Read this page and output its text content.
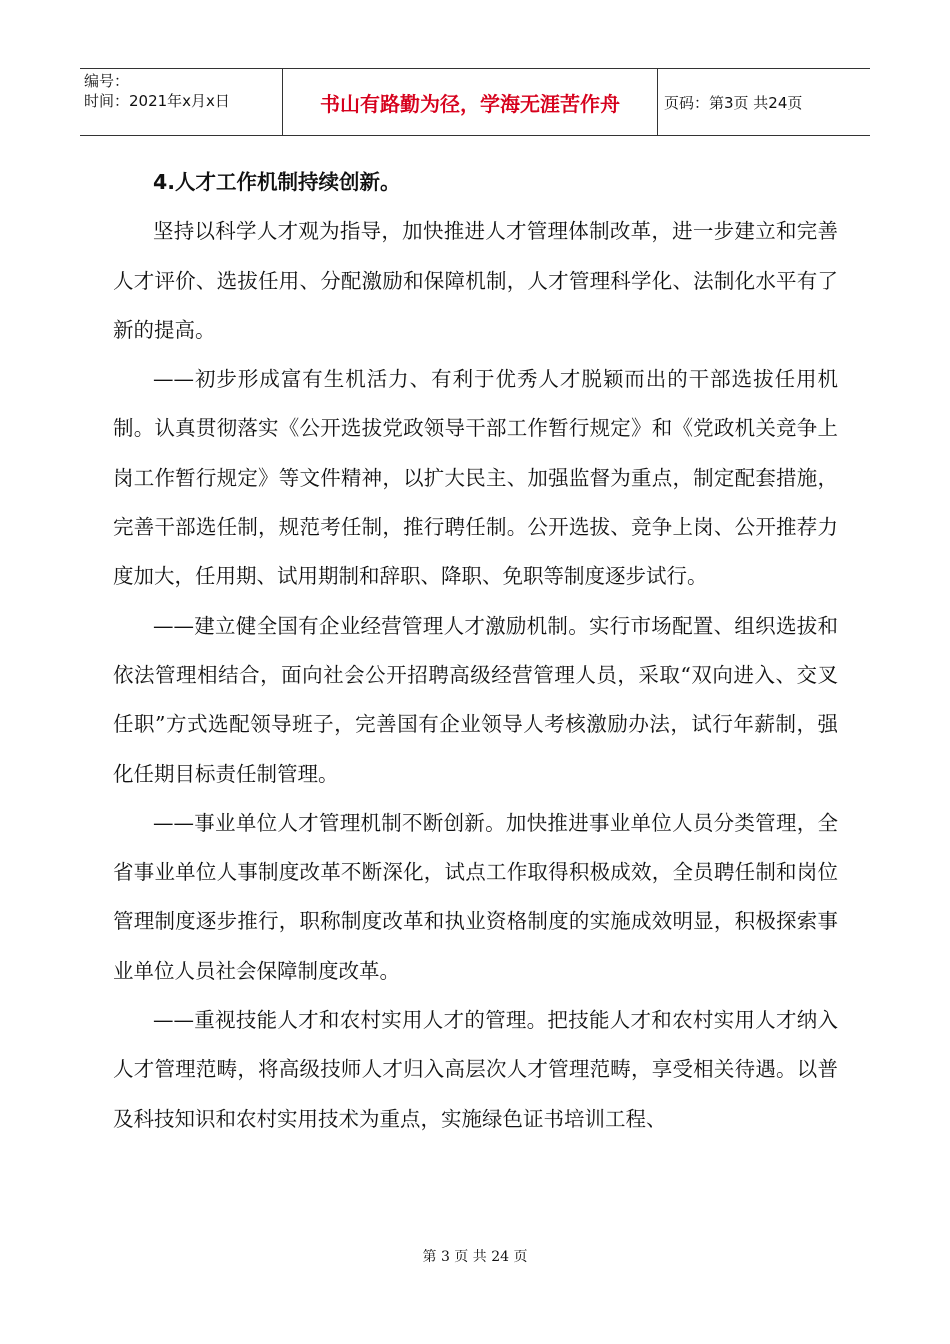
编号：
时间：2021年x月x日	书山有路勤为径，学海无涯苦作舟	页码：第3页 共24页

4.人才工作机制持续创新。

坚持以科学人才观为指导，加快推进人才管理体制改革，进一步建立和完善人才评价、选拔任用、分配激励和保障机制，人才管理科学化、法制化水平有了新的提高。

——初步形成富有生机活力、有利于优秀人才脱颖而出的干部选拔任用机制。认真贯彻落实《公开选拔党政领导干部工作暂行规定》和《党政机关竞争上岗工作暂行规定》等文件精神，以扩大民主、加强监督为重点，制定配套措施，完善干部选任制，规范考任制，推行聘任制。公开选拔、竞争上岗、公开推荐力度加大，任用期、试用期制和辞职、降职、免职等制度逐步试行。

——建立健全国有企业经营管理人才激励机制。实行市场配置、组织选拔和依法管理相结合，面向社会公开招聘高级经营管理人员，采取“双向进入、交叉任职”方式选配领导班子，完善国有企业领导人考核激励办法，试行年薪制，强化任期目标责任制管理。

——事业单位人才管理机制不断创新。加快推进事业单位人员分类管理，全省事业单位人事制度改革不断深化，试点工作取得积极成效，全员聘任制和岗位管理制度逐步推行，职称制度改革和执业资格制度的实施成效明显，积极探索事业单位人员社会保障制度改革。

——重视技能人才和农村实用人才的管理。把技能人才和农村实用人才纳入人才管理范畴，将高级技师人才归入高层次人才管理范畴，享受相关待遇。以普及科技知识和农村实用技术为重点，实施绿色证书培训工程、

第 3 页 共 24 页
